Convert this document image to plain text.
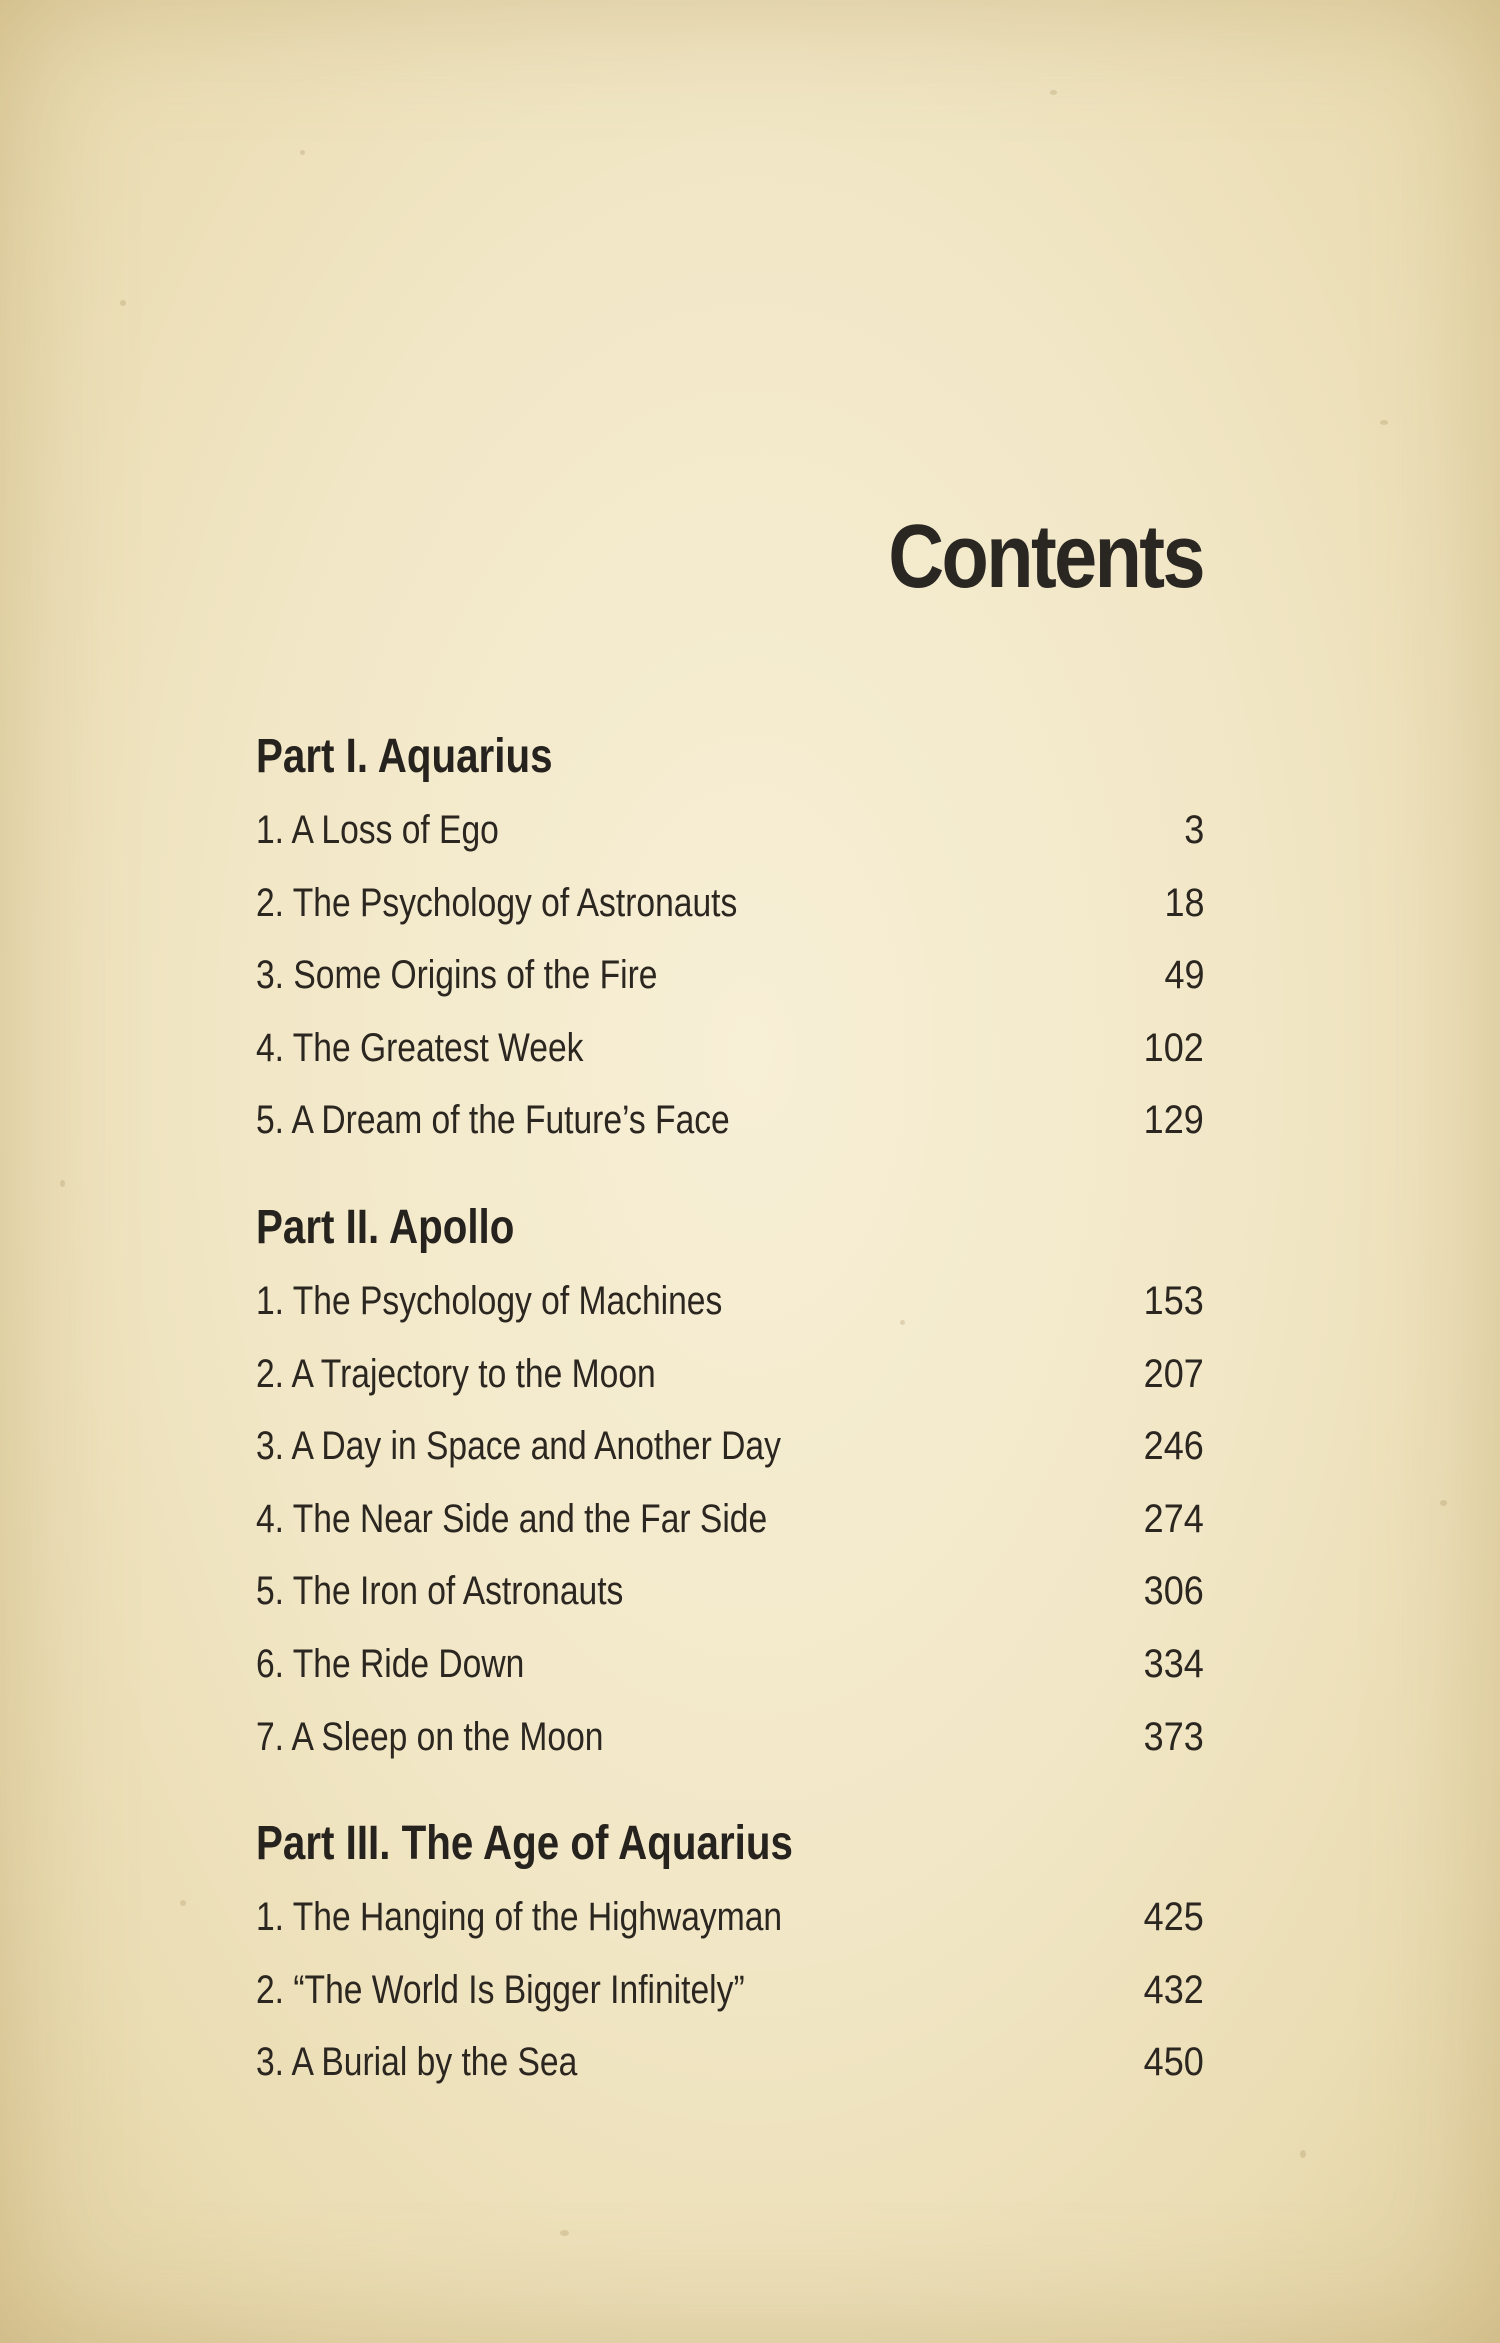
Contents
Part I. Aquarius
1. A Loss of Ego	3
2. The Psychology of Astronauts	18
3. Some Origins of the Fire	49
4. The Greatest Week	102
5. A Dream of the Future’s Face	129
Part II. Apollo
1. The Psychology of Machines	153
2. A Trajectory to the Moon	207
3. A Day in Space and Another Day	246
4. The Near Side and the Far Side	274
5. The Iron of Astronauts	306
6. The Ride Down	334
7. A Sleep on the Moon	373
Part III. The Age of Aquarius
1. The Hanging of the Highwayman	425
2. “The World Is Bigger Infinitely”	432
3. A Burial by the Sea	450
